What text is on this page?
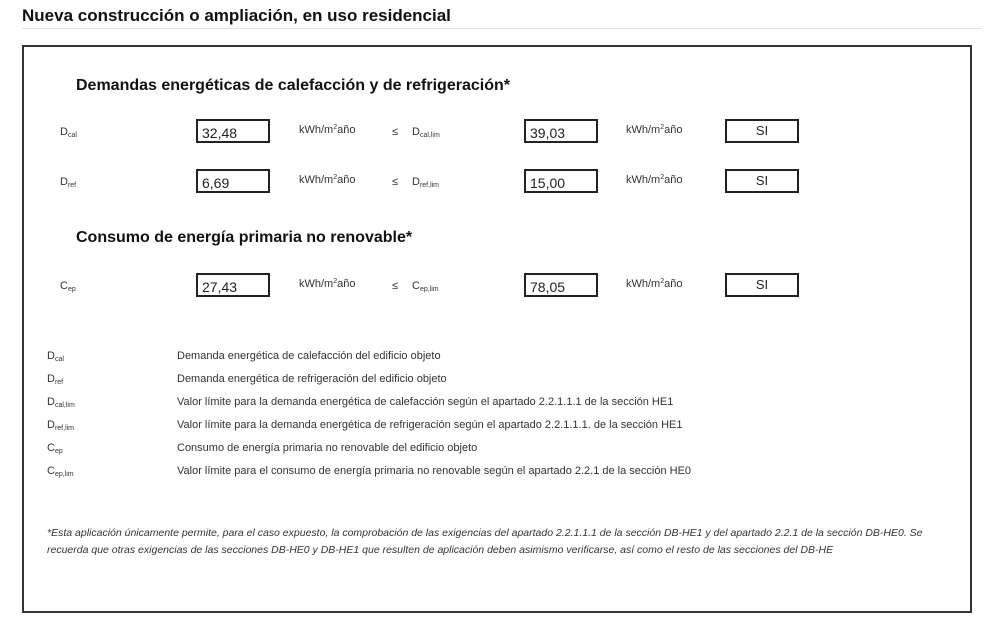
Nueva construcción o ampliación, en uso residencial
Demandas energéticas de calefacción y de refrigeración*
$D_{cal}$	32,48	kWh/$m^2año$	≤ $D_{cal,lim}$	39,03	kWh/$m^2año$	SI
$D_{ref}$	6,69	kWh/$m^2año$	≤ $D_{ref,lim}$	15,00	kWh/$m^2año$	SI
Consumo de energía primaria no renovable*
$C_{ep}$	27,43	kWh/$m^2año$	≤ $C_{ep,lim}$	78,05	kWh/$m^2año$	SI
$D_{cal}$	Demanda energética de calefacción del edificio objeto
$D_{ref}$	Demanda energética de refrigeración del edificio objeto
$D_{cal,lim}$	Valor límite para la demanda energética de calefacción según el apartado 2.2.1.1.1 de la sección HE1
$D_{ref,lim}$	Valor límite para la demanda energética de refrigeración según el apartado 2.2.1.1.1. de la sección HE1
$C_{ep}$	Consumo de energía primaria no renovable del edificio objeto
$C_{ep,lim}$	Valor límite para el consumo de energía primaria no renovable según el apartado 2.2.1 de la sección HE0
*Esta aplicación únicamente permite, para el caso expuesto, la comprobación de las exigencias del apartado 2.2.1.1.1 de la sección DB-HE1 y del apartado 2.2.1 de la sección DB-HE0. Se recuerda que otras exigencias de las secciones DB-HE0 y DB-HE1 que resulten de aplicación deben asimismo verificarse, así como el resto de las secciones del DB-HE
